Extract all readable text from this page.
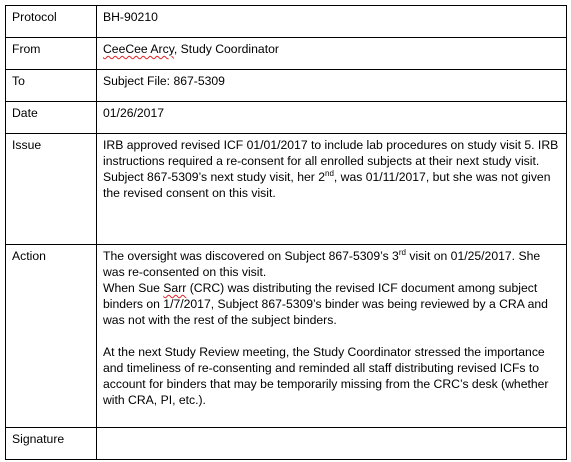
Protocol	BH-90210
From	CeeCee Arcy, Study Coordinator
To	Subject File: 867-5309
Date	01/26/2017
Issue	IRB approved revised ICF 01/01/2017 to include lab procedures on study visit 5. IRB instructions required a re-consent for all enrolled subjects at their next study visit. Subject 867-5309’s next study visit, her 2nd, was 01/11/2017, but she was not given the revised consent on this visit.
Action	The oversight was discovered on Subject 867-5309’s 3rd visit on 01/25/2017. She was re-consented on this visit.

When Sue Sarr (CRC) was distributing the revised ICF document among subject binders on 1/7/2017, Subject 867-5309’s binder was being reviewed by a CRA and was not with the rest of the subject binders.

At the next Study Review meeting, the Study Coordinator stressed the importance and timeliness of re-consenting and reminded all staff distributing revised ICFs to account for binders that may be temporarily missing from the CRC’s desk (whether with CRA, PI, etc.).

Signature	
